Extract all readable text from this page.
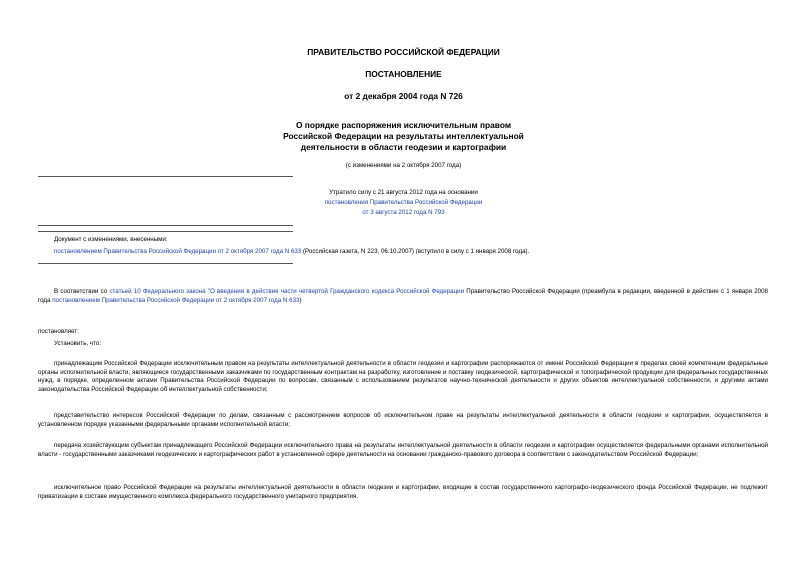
ПРАВИТЕЛЬСТВО РОССИЙСКОЙ ФЕДЕРАЦИИ
ПОСТАНОВЛЕНИЕ
от 2 декабря 2004 года N 726
О порядке распоряжения исключительным правом
Российской Федерации на результаты интеллектуальной
деятельности в области геодезии и картографии
(с изменениями на 2 октября 2007 года)
Утратило силу с 21 августа 2012 года на основании
постановления Правительства Российской Федерации
от 3 августа 2012 года N 793
Документ с изменениями, внесенными:
постановлением Правительства Российской Федерации от 2 октября 2007 года N 633 (Российская газета, N 223, 06.10.2007) (вступило в силу с 1 января 2008 года).
В соответствии со статьей 10 Федерального закона "О введении в действие части четвертой Гражданского кодекса Российской Федерации Правительство Российской Федерации (преамбула в редакции, введенной в действие с 1 января 2008 года постановлением Правительства Российской Федерации от 2 октября 2007 года N 633)
постановляет:
Установить, что:
принадлежащим Российской Федерации исключительным правом на результаты интеллектуальной деятельности в области геодезии и картографии распоряжаются от имени Российской Федерации в пределах своей компетенции федеральные органы исполнительной власти, являющиеся государственными заказчиками по государственным контрактам на разработку, изготовление и поставку геодезической, картографической и топографической продукции для федеральных государственных нужд, в порядке, определенном актами Правительства Российской Федерации по вопросам, связанным с использованием результатов научно-технической деятельности и других объектов интеллектуальной собственности, и другими актами законодательства Российской Федерации об интеллектуальной собственности;
представительство интересов Российской Федерации по делам, связанным с рассмотрением вопросов об исключительном праве на результаты интеллектуальной деятельности в области геодезии и картографии, осуществляется в установленном порядке указанными федеральными органами исполнительной власти;
передача хозяйствующим субъектам принадлежащего Российской Федерации исключительного права на результаты интеллектуальной деятельности в области геодезии и картографии осуществляется федеральными органами исполнительной власти - государственными заказчиками геодезических и картографических работ в установленной сфере деятельности на основании гражданско-правового договора в соответствии с законодательством Российской Федерации;
исключительное право Российской Федерации на результаты интеллектуальной деятельности в области геодезии и картографии, входящие в состав государственного картографо-геодезического фонда Российской Федерации, не подлежит приватизации в составе имущественного комплекса федерального государственного унитарного предприятия.
